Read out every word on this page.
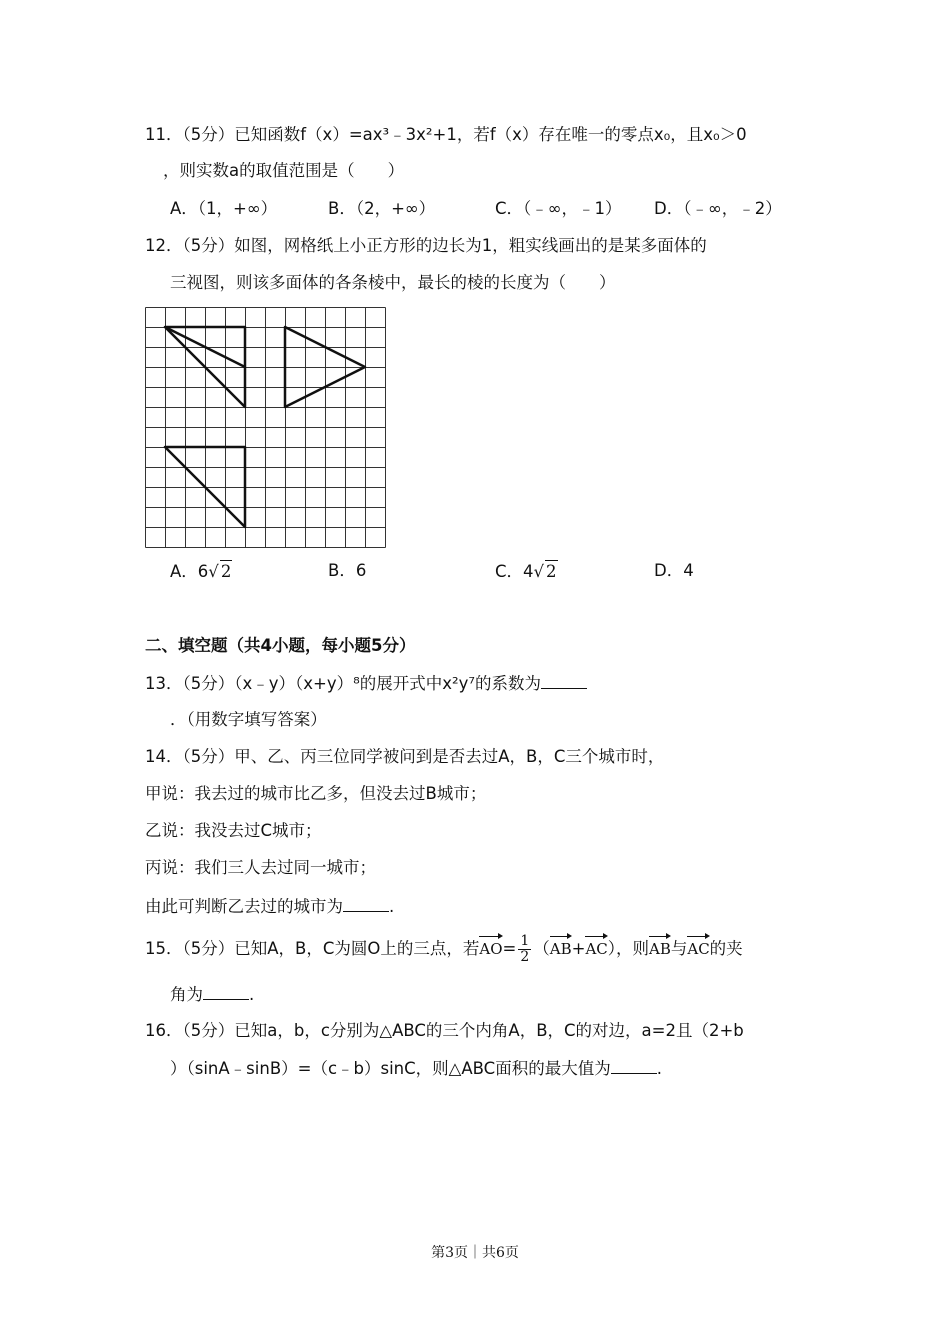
11．（5分）已知函数f（x）=ax³﹣3x²+1，若f（x）存在唯一的零点x₀，且x₀＞0
，则实数a的取值范围是（　　）
A．（1，+∞）	B．（2，+∞）	C．（﹣∞，﹣1） D．（﹣∞，﹣2）
12．（5分）如图，网格纸上小正方形的边长为1，粗实线画出的是某多面体的
三视图，则该多面体的各条棱中，最长的棱的长度为（　　）
A．6√ 2	B．6	C．4√ 2	D．4
二、填空题（共4小题，每小题5分）
13．（5分）（x﹣y）（x+y）⁸的展开式中x²y⁷的系数为
．（用数字填写答案）
14．（5分）甲、乙、丙三位同学被问到是否去过A，B，C三个城市时，
甲说：我去过的城市比乙多，但没去过B城市；
乙说：我没去过C城市；
丙说：我们三人去过同一城市；
由此可判断乙去过的城市为	.
15．（5分）已知A，B，C为圆O上的三点，若$AO= \frac{1}{2} (AB+AC)$，则AB与AC的夹
角为	.
16．（5分）已知a，b，c分别为△ABC的三个内角A，B，C的对边，a=2且（2+b
）（sinA﹣sinB）=（c﹣b）sinC，则△ABC面积的最大值为	.
第3页｜共6页
